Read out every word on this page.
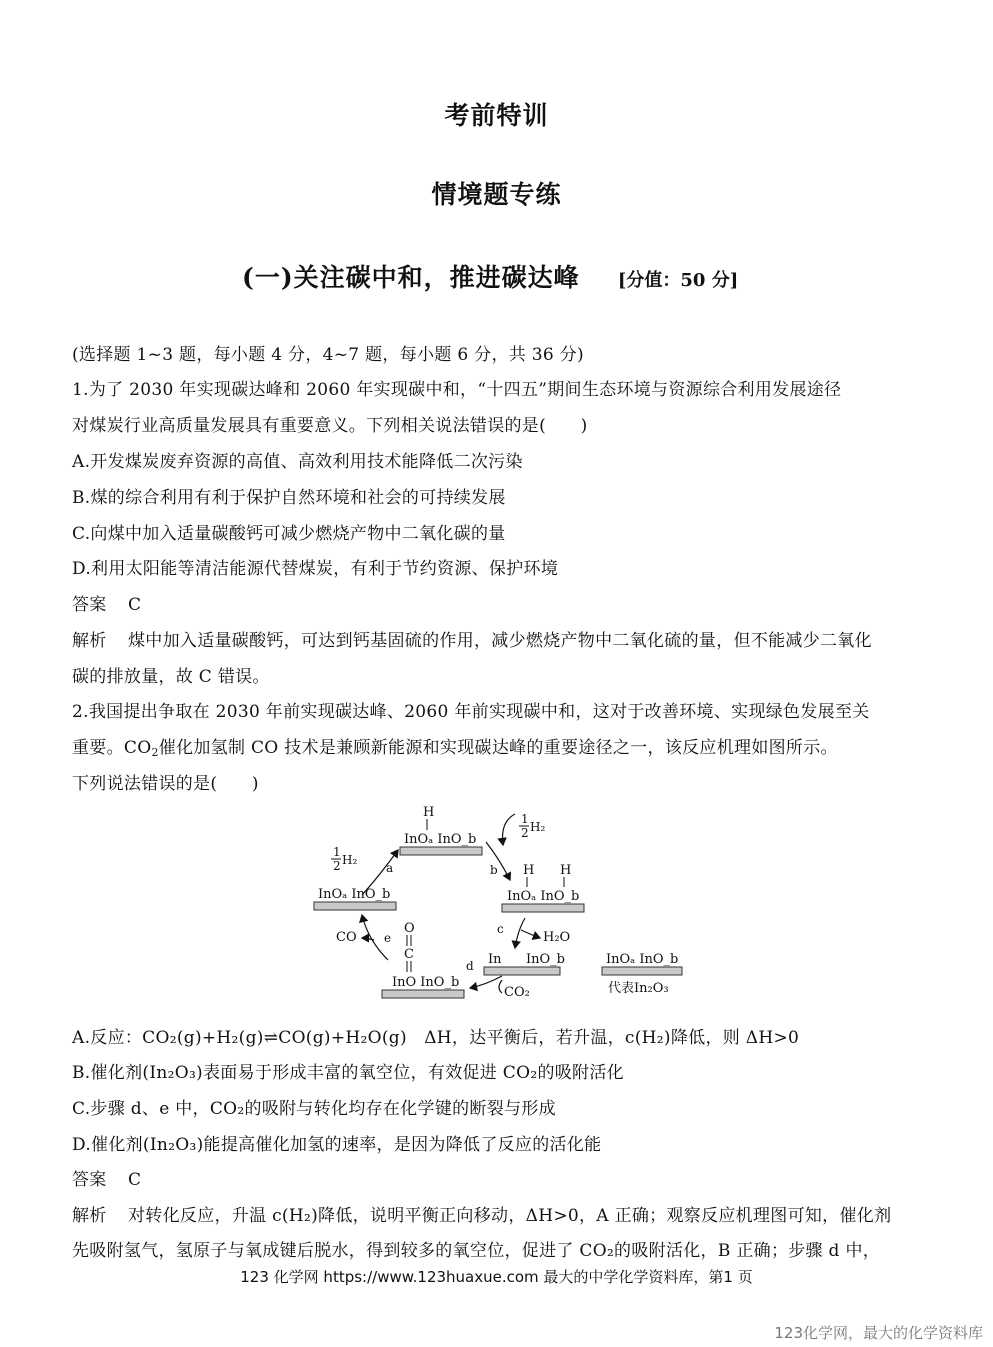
考前特训
情境题专练
(一)关注碳中和，推进碳达峰 [分值：50 分]
(选择题 1~3 题，每小题 4 分，4~7 题，每小题 6 分，共 36 分)
1.为了 2030 年实现碳达峰和 2060 年实现碳中和，“十四五”期间生态环境与资源综合利用发展途径
对煤炭行业高质量发展具有重要意义。下列相关说法错误的是(　　)
A.开发煤炭废弃资源的高值、高效利用技术能降低二次污染
B.煤的综合利用有利于保护自然环境和社会的可持续发展
C.向煤中加入适量碳酸钙可减少燃烧产物中二氧化碳的量
D.利用太阳能等清洁能源代替煤炭，有利于节约资源、保护环境
答案 C
解析 煤中加入适量碳酸钙，可达到钙基固硫的作用，减少燃烧产物中二氧化硫的量，但不能减少二氧化
碳的排放量，故 C 错误。
2.我国提出争取在 2030 年前实现碳达峰、2060 年前实现碳中和，这对于改善环境、实现绿色发展至关
重要。$CO_2$催化加氢制 CO 技术是兼顾新能源和实现碳达峰的重要途径之一，该反应机理如图所示。
下列说法错误的是(　　)
H
InOₐ InO_b
InOₐ InO_b
1
2 H₂
a
1
2 H₂
b H H
InOₐ InO_b
c
H₂O
In InO_b
d
CO₂
O
C
InO InO_b
e
CO
InOₐ InO_b
代表In₂O₃
A.反应：CO₂(g)+H₂(g)⇌CO(g)+H₂O(g)　ΔH，达平衡后，若升温，c(H₂)降低，则 ΔH>0
B.催化剂(In₂O₃)表面易于形成丰富的氧空位，有效促进 CO₂的吸附活化
C.步骤 d、e 中，CO₂的吸附与转化均存在化学键的断裂与形成
D.催化剂(In₂O₃)能提高催化加氢的速率，是因为降低了反应的活化能
答案 C
解析 对转化反应，升温 c(H₂)降低，说明平衡正向移动，ΔH>0，A 正确；观察反应机理图可知，催化剂
先吸附氢气，氢原子与氧成键后脱水，得到较多的氧空位，促进了 CO₂的吸附活化，B 正确；步骤 d 中，
123 化学网 https://www.123huaxue.com 最大的中学化学资料库，第1 页
123化学网，最大的化学资料库
